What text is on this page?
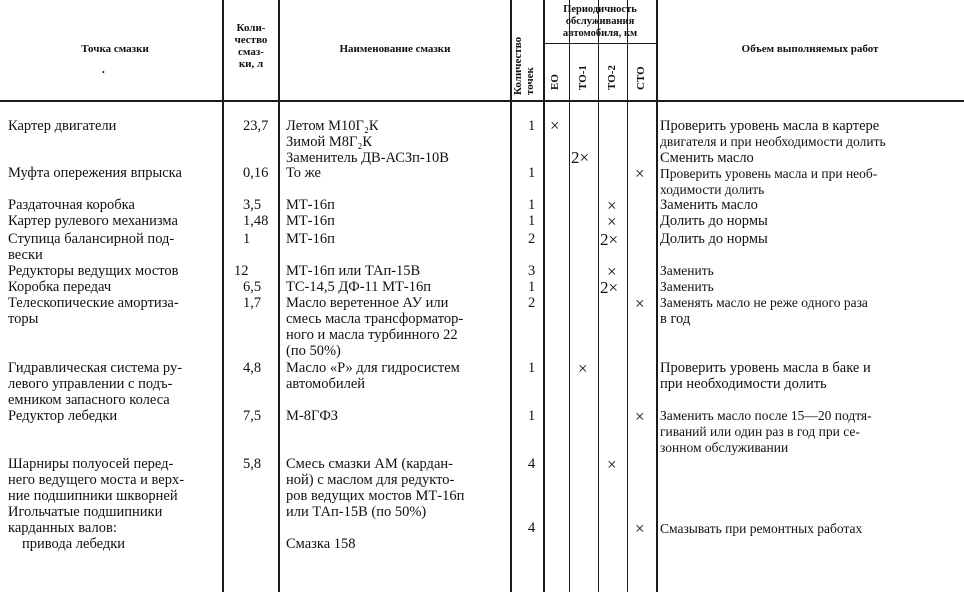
Точка смазки
•
Коли-
чество
смаз-
ки, л
Наименование смазки	Количество точек
Периодичность
обслуживания
автомобиля, км
ЕО ТО-1 ТО-2 СТО
Объем выполняемых работ
Картер двигатели
Муфта опережения впрыска
Раздаточная коробка
Картер рулевого механизма
Ступица балансирной под-
вески
Редукторы ведущих мостов
Коробка передач
Телескопические амортиза-
торы
Гидравлическая система ру-
левого управлении с подъ-
емником запасного колеса
Редуктор лебедки
Шарниры полуосей перед-
него ведущего моста и верх-
ние подшипники шкворней
Игольчатые подшипники
карданных валов:
привода лебедки
23,7
0,16
3,5
1,48
1
12
6,5
1,7
4,8
7,5
5,8
Летом М10Г₂К
Зимой М8Г₂К
Заменитель ДВ-АСЗп-10В
То же
МТ-16п
МТ-16п
МТ-16п
МТ-16п или ТАп-15В
ТС-14,5 ДФ-11 МТ-16п
Масло веретенное АУ или
смесь масла трансформатор-
ного и масла турбинного 22
(по 50%)
Масло «Р» для гидросистем
автомобилей
М-8ГФЗ
Смесь смазки АМ (кардан-
ной) с маслом для редукто-
ров ведущих мостов МТ-16п
или ТАп-15В (по 50%)
Смазка 158
1
1
1
1
2
3
1
2
1
1
4
4
×
2×
×
×
×
2×
×
2×
×
×
×
×
×
Проверить уровень масла в картере
двигателя и при необходимости долить
Сменить масло
Проверить уровень масла и при необ-
ходимости долить
Заменить масло
Долить до нормы
Долить до нормы
Заменить
Заменить
Заменять масло не реже одного раза
в год
Проверить уровень масла в баке и
при необходимости долить
Заменить масло после 15—20 подтя-
гиваний или один раз в год при се-
зонном обслуживании
Смазывать при ремонтных работах
